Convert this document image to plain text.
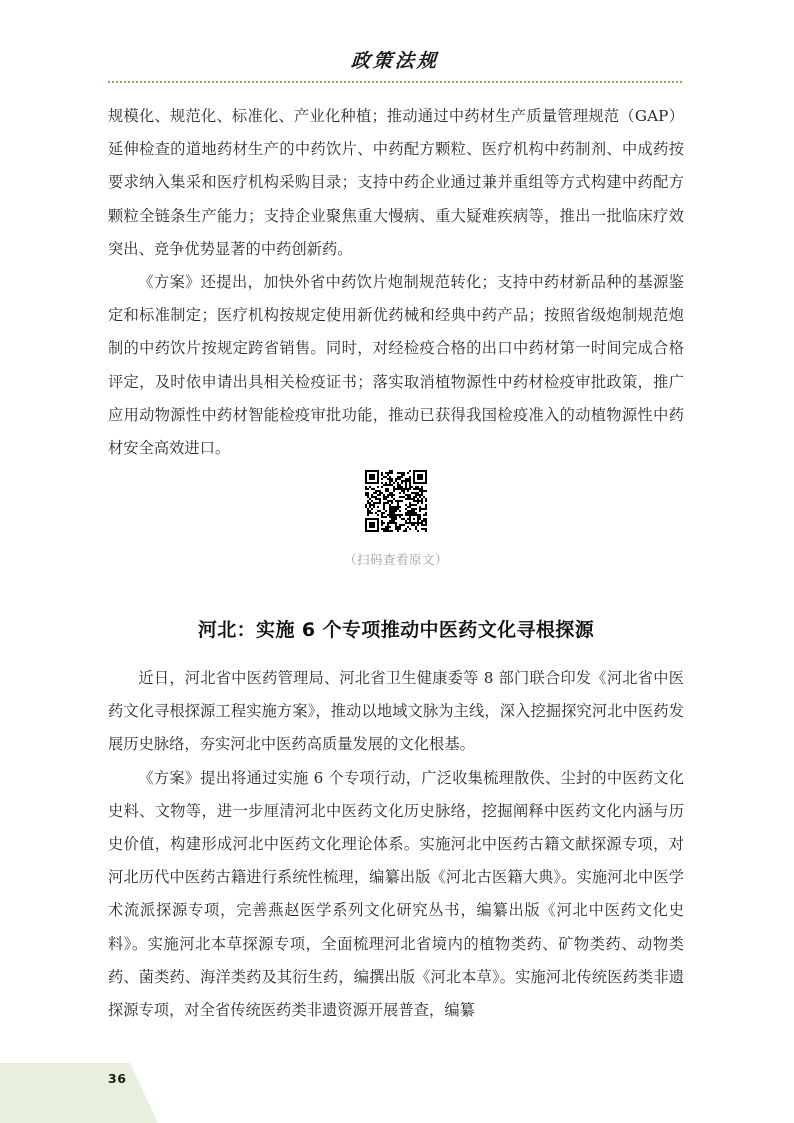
政策法规

规模化、规范化、标准化、产业化种植；推动通过中药材生产质量管理规范（GAP）延伸检查的道地药材生产的中药饮片、中药配方颗粒、医疗机构中药制剂、中成药按要求纳入集采和医疗机构采购目录；支持中药企业通过兼并重组等方式构建中药配方颗粒全链条生产能力；支持企业聚焦重大慢病、重大疑难疾病等，推出一批临床疗效突出、竞争优势显著的中药创新药。

《方案》还提出，加快外省中药饮片炮制规范转化；支持中药材新品种的基源鉴定和标准制定；医疗机构按规定使用新优药械和经典中药产品；按照省级炮制规范炮制的中药饮片按规定跨省销售。同时，对经检疫合格的出口中药材第一时间完成合格评定，及时依申请出具相关检疫证书；落实取消植物源性中药材检疫审批政策，推广应用动物源性中药材智能检疫审批功能，推动已获得我国检疫准入的动植物源性中药材安全高效进口。

（扫码查看原文）
河北：实施 6 个专项推动中医药文化寻根探源

近日，河北省中医药管理局、河北省卫生健康委等 8 部门联合印发《河北省中医药文化寻根探源工程实施方案》，推动以地域文脉为主线，深入挖掘探究河北中医药发展历史脉络，夯实河北中医药高质量发展的文化根基。

《方案》提出将通过实施 6 个专项行动，广泛收集梳理散佚、尘封的中医药文化史料、文物等，进一步厘清河北中医药文化历史脉络，挖掘阐释中医药文化内涵与历史价值，构建形成河北中医药文化理论体系。实施河北中医药古籍文献探源专项，对河北历代中医药古籍进行系统性梳理，编纂出版《河北古医籍大典》。实施河北中医学术流派探源专项，完善燕赵医学系列文化研究丛书，编纂出版《河北中医药文化史料》。实施河北本草探源专项，全面梳理河北省境内的植物类药、矿物类药、动物类药、菌类药、海洋类药及其衍生药，编撰出版《河北本草》。实施河北传统医药类非遗探源专项，对全省传统医药类非遗资源开展普查，编纂

36
